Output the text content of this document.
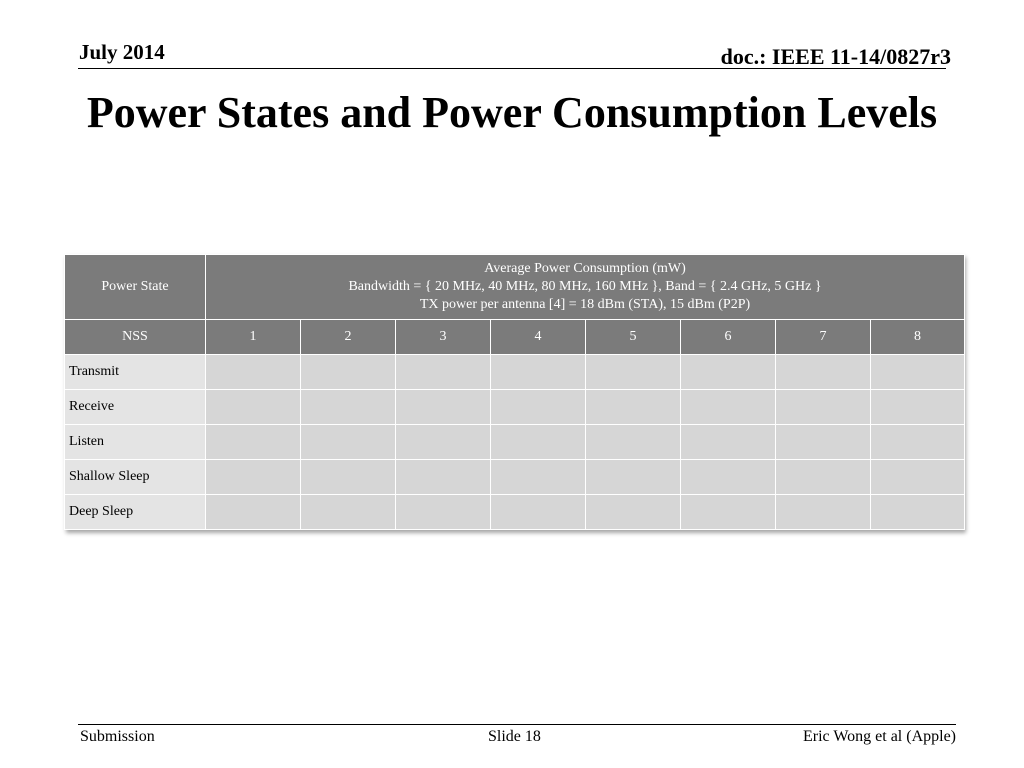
July 2014	doc.: IEEE 11-14/0827r3
Power States and Power Consumption Levels
Power State	Average Power Consumption (mW)
Bandwidth = { 20 MHz, 40 MHz, 80 MHz, 160 MHz }, Band = { 2.4 GHz, 5 GHz }
TX power per antenna [4] = 18 dBm (STA), 15 dBm (P2P)							

NSS	1	2	3	4	5	6	7	8
Transmit								
Receive								
Listen								
Shallow Sleep								
Deep Sleep								
Submission	Slide 18	Eric Wong et al (Apple)
